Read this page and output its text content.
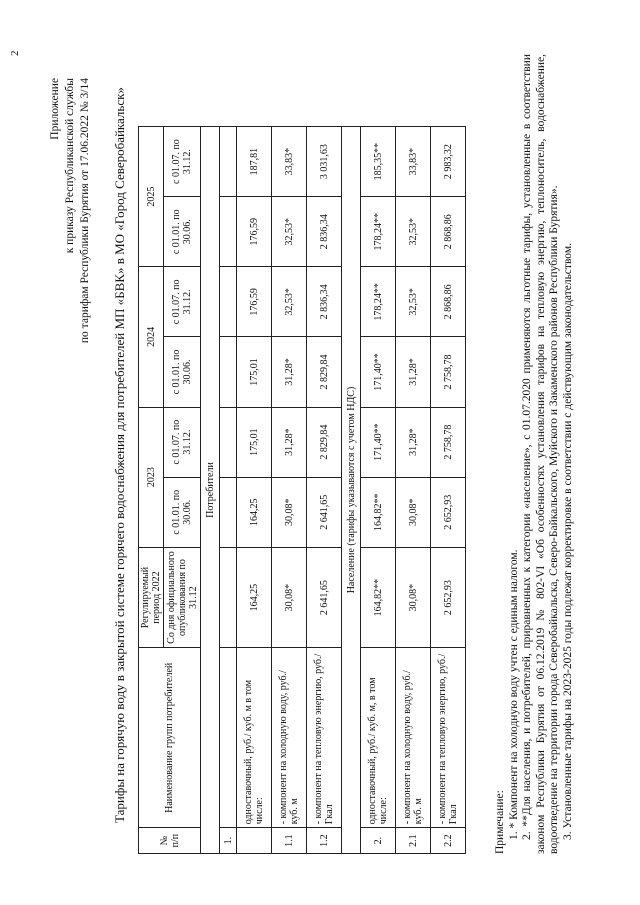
2
Приложение к приказу Республиканской службы по тарифам Республики Бурятия от 17.06.2022 № 3/14 Тарифы на горячую воду в закрытой системе горячего водоснабжения для потребителей МП «БВК» в МО «Город Северобайкальск»
№ п/п	Наименование групп потребителей	Регулируемый период 2022	2023		2024		2025	
		Со дня официального опубликования по 31.12	с 01.01. по 30.06.	с 01.07. по 31.12.	с 01.01. по 30.06.	с 01.07. по 31.12.	с 01.01. по 30.06.	с 01.07. по 31.12.
Потребители								
1.								
	одноставочный, руб./ куб. м в том числе:	164,25	164,25	175,01	175,01	176,59	176,59	187,81
1.1	- компонент на холодную воду, руб./ куб. м	30,08*	30,08*	31,28*	31,28*	32,53*	32,53*	33,83*
1.2	- компонент на тепловую энергию, руб./Гкал	2 641,65	2 641,65	2 829,84	2 829,84	2 836,34	2 836,34	3 031,63
Население (тарифы указываются с учетом НДС)								
2.	одноставочный, руб./ куб. м, в том числе:	164,82**	164,82**	171,40**	171,40**	178,24**	178,24**	185,35**
2.1	- компонент на холодную воду, руб./ куб. м	30,08*	30,08*	31,28*	31,28*	32,53*	32,53*	33,83*
2.2	- компонент на тепловую энергию, руб./Гкал	2 652,93	2 652,93	2 758,78	2 758,78	2 868,86	2 868,86	2 983,32

Примечание: 1. * Компонент на холодную воду учтен с единым налогом. 2. **Для населения, и потребителей, приравненных к категории «население», с 01.07.2020 применяются льготные тарифы, установленные в соответствии законом Республики Бурятия от 06.12.2019 № 802-VI «Об особенностях установления тарифов на тепловую энергию, теплоноситель, водоснабжение, водоотведение на территории города Северобайкальска, Северо-Байкальского, Муйского и Закаменского районов Республики Бурятия». 3. Установленные тарифы на 2023-2025 годы подлежат корректировке в соответствии с действующим законодательством.
